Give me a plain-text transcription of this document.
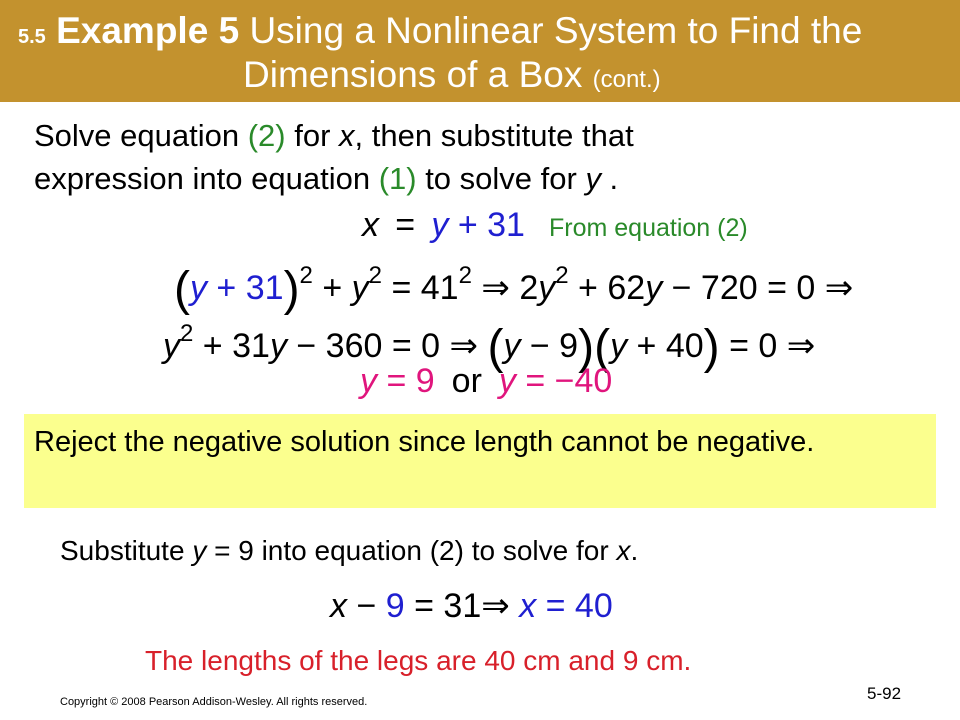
5.5 Example 5 Using a Nonlinear System to Find the
Dimensions of a Box (cont.)
Solve equation (2) for x, then substitute that
expression into equation (1) to solve for y .
x  =  y + 31 From equation (2)
$(y + 31)^2 + y^2 = 41^2$ ⇒ $2y^2 + 62y - 720 = 0$ ⇒
$y^2 + 31y - 360 = 0$ ⇒ (y − 9)(y + 40) = 0 ⇒
y = 9 or y = −40
Reject the negative solution since length cannot be negative.
Substitute y = 9 into equation (2) to solve for x.
x − 9 = 31⇒ x = 40
The lengths of the legs are 40 cm and 9 cm.
Copyright © 2008 Pearson Addison-Wesley. All rights reserved.	5-92
